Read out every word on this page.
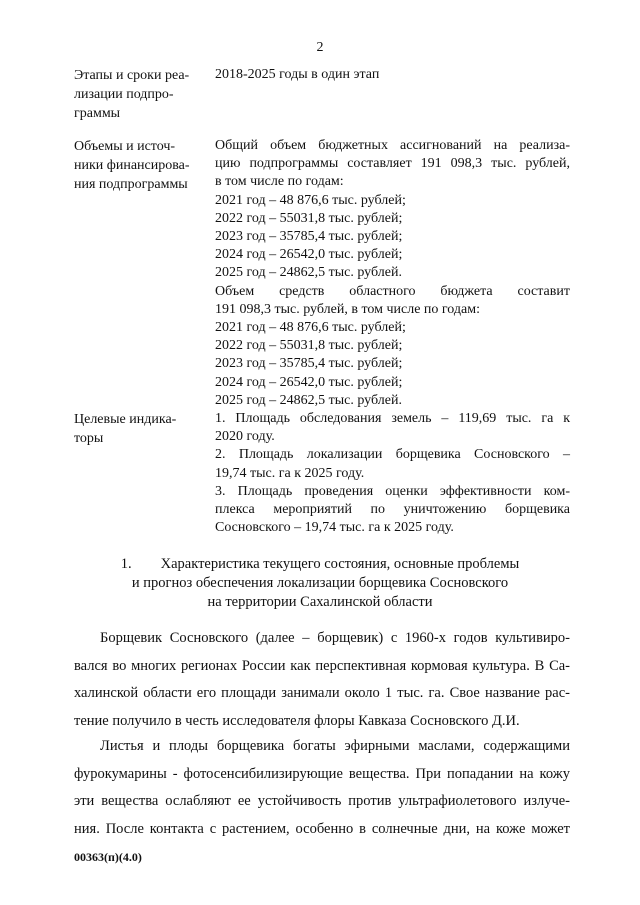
2
Этапы и сроки реа-
лизации подпро-
граммы
2018-2025 годы в один этап
Объемы и источ-
ники финансирова-
ния подпрограммы
Общий объем бюджетных ассигнований на реализа-
цию подпрограммы составляет 191 098,3 тыс. рублей,
в том числе по годам:
2021 год – 48 876,6 тыс. рублей;
2022 год – 55031,8 тыс. рублей;
2023 год – 35785,4 тыс. рублей;
2024 год – 26542,0 тыс. рублей;
2025 год – 24862,5 тыс. рублей.
Объем средств областного бюджета составит
191 098,3 тыс. рублей, в том числе по годам:
2021 год – 48 876,6 тыс. рублей;
2022 год – 55031,8 тыс. рублей;
2023 год – 35785,4 тыс. рублей;
2024 год – 26542,0 тыс. рублей;
2025 год – 24862,5 тыс. рублей.
Целевые индика-
торы
1. Площадь обследования земель – 119,69 тыс. га к
2020 году.
2. Площадь локализации борщевика Сосновского –
19,74 тыс. га к 2025 году.
3. Площадь проведения оценки эффективности ком-
плекса мероприятий по уничтожению борщевика
Сосновского – 19,74 тыс. га к 2025 году.
1.        Характеристика текущего состояния, основные проблемы
и прогноз обеспечения локализации борщевика Сосновского
на территории Сахалинской области
Борщевик Сосновского (далее – борщевик) с 1960-х годов культивиро-
вался во многих регионах России как перспективная кормовая культура. В Са-
халинской области его площади занимали около 1 тыс. га. Свое название рас-
тение получило в честь исследователя флоры Кавказа Сосновского Д.И.
Листья и плоды борщевика богаты эфирными маслами, содержащими
фурокумарины - фотосенсибилизирующие вещества. При попадании на кожу
эти вещества ослабляют ее устойчивость против ультрафиолетового излуче-
ния. После контакта с растением, особенно в солнечные дни, на коже может
00363(п)(4.0)
